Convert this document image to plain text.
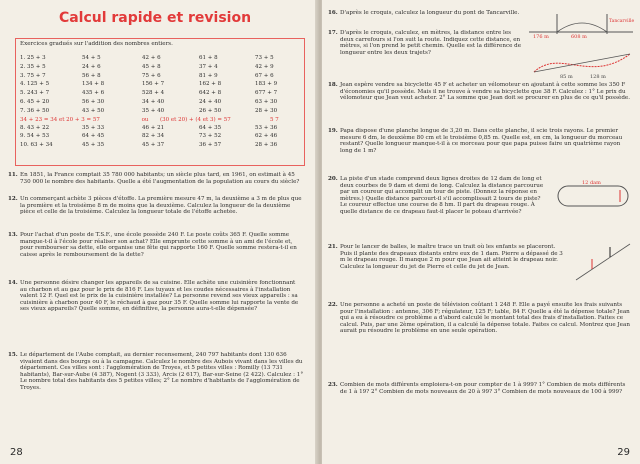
Calcul rapide et revision
Exercices gradués sur l'addition des nombres entiers.
1. 25 + 3	54 + 5	42 + 6	61 + 8	73 + 5
2. 35 + 5	24 + 6	45 + 8	37 + 4	42 + 9
3. 75 + 7	56 + 8	75 + 6	81 + 9	67 + 6
4. 125 + 5	134 + 8	156 + 7	162 + 8	183 + 9
5. 243 + 7	435 + 6	528 + 4	642 + 8	677 + 7
6. 45 + 20	56 + 30	34 + 40	24 + 40	63 + 30
7. 36 + 50	43 + 50	35 + 40	26 + 50	28 + 30
34 + 23 = 34 et 20 + 3 = 57	ou	(30 et 20) + (4 et 3) = 57	5 7
8. 43 + 22	35 + 33	46 + 21	64 + 35	53 + 36
9. 54 + 53	64 + 45	82 + 34	73 + 52	62 + 46
10. 63 + 34	45 + 35	45 + 37	36 + 57	28 + 36
11. En 1851, la France comptait 35 780 000 habitants; un siècle plus tard, en 1961, on estimait à 45 730 000 le nombre des habitants. Quelle a été l'augmentation de la population au cours du siècle?
12. Un commerçant achète 3 pièces d'étoffe. La première mesure 47 m, la deuxième a 3 m de plus que la première et la troisième 8 m de moins que la deuxième. Calculez la longueur de la deuxième pièce et celle de la troisième. Calculez la longueur totale de l'étoffe achetée.
13. Pour l'achat d'un poste de T.S.F., une école possède 240 F. Le poste coûts 365 F. Quelle somme manque-t-il à l'école pour réaliser son achat? Elle emprunte cette somme à un ami de l'école et, pour rembourser sa dette, elle organise une fête qui rapporte 160 F. Quelle somme restera-t-il en caisse après le remboursement de la dette?
14. Une personne désire changer les appareils de sa cuisine. Elle achète une cuisinière fonctionnant au charbon et au gaz pour le prix de 816 F. Les tuyaux et les coudes nécessaires à l'installation valent 12 F. Quel est le prix de la cuisinière installée? La personne revend ses vieux appareils : sa cuisinière à charbon pour 40 F, le réchaud à gaz pour 35 F. Quelle somme lui rapporte la vente de ses vieux appareils? Quelle somme, en définitive, la personne aura-t-elle dépensée?
15. Le département de l'Aube comptait, au dernier recensement, 240 797 habitants dont 130 636 vivaient dans des bourgs ou à la campagne. Calculez le nombre des Aubois vivant dans les villes du département. Ces villes sont : l'agglomération de Troyes, et 5 petites villes : Romilly (13 731 habitants), Bar-sur-Aube (4 387), Nogent (3 333), Arcis (2 617), Bar-sur-Seine (2 422). Calculez : 1° Le nombre total des habitants des 5 petites villes; 2° Le nombre d'habitants de l'agglomération de Troyes.
28
16. D'après le croquis, calculez la longueur du pont de Tancarville.
176 m	608 m
Tancarville
17. D'après le croquis, calculez, en mètres, la distance entre les deux carrefours si l'on suit la route. Indiquez cette distance, en mètres, si l'on prend le petit chemin. Quelle est la différence de longueur entre les deux trajets?
85 m	128 m
18. Jean espère vendre sa bicyclette 45 F et acheter un vélomoteur en ajoutant à cette somme les 350 F d'économies qu'il possède. Mais il ne trouve à vendre sa bicyclette que 38 F. Calculez : 1° Le prix du vélomoteur que Jean veut acheter. 2° La somme que Jean doit se procurer en plus de ce qu'il possède.
19. Papa dispose d'une planche longue de 3,20 m. Dans cette planche, il scie trois rayons. Le premier mesure 6 dm, le deuxième 80 cm et le troisième 0,85 m. Quelle est, en cm, la longueur du morceau restant? Quelle longueur manque-t-il à ce morceau pour que papa puisse faire un quatrième rayon long de 1 m?
20. La piste d'un stade comprend deux lignes droites de 12 dam de long et deux courbes de 9 dam et demi de long. Calculez la distance parcourue par un coureur qui accomplit un tour de piste. (Donnez la réponse en mètres.) Quelle distance parcourt-il s'il accomplissait 2 tours de piste? Le coureur effectue une course de 8 hm. Il part du drapeau rouge. À quelle distance de ce drapeau faut-il placer le poteau d'arrivée?
12 dam
21. Pour le lancer de balles, le maître trace un trait où les enfants se placeront. Puis il plante des drapeaux distants entre eux de 1 dam. Pierre a dépassé de 3 m le drapeau rouge. Il manque 2 m pour que Jean ait atteint le drapeau noir. Calculez la longueur du jet de Pierre et celle du jet de Jean.
22. Une personne a acheté un poste de télévision coûtant 1 248 F. Elle a payé ensuite les frais suivants pour l'installation : antenne, 306 F; régulateur, 125 F; table, 84 F. Quelle a été la dépense totale? Jean qui a eu à résoudre ce problème a d'abord calculé le montant total des frais d'installation. Faites ce calcul. Puis, par une 2ème opération, il a calculé la dépense totale. Faites ce calcul. Montrez que Jean aurait pu résoudre le problème en une seule opération.
23. Combien de mots différents emploiera-t-on pour compter de 1 à 999? 1° Combien de mots différents de 1 à 19? 2° Combien de mots nouveaux de 20 à 99? 3° Combien de mots nouveaux de 100 à 999?
29
